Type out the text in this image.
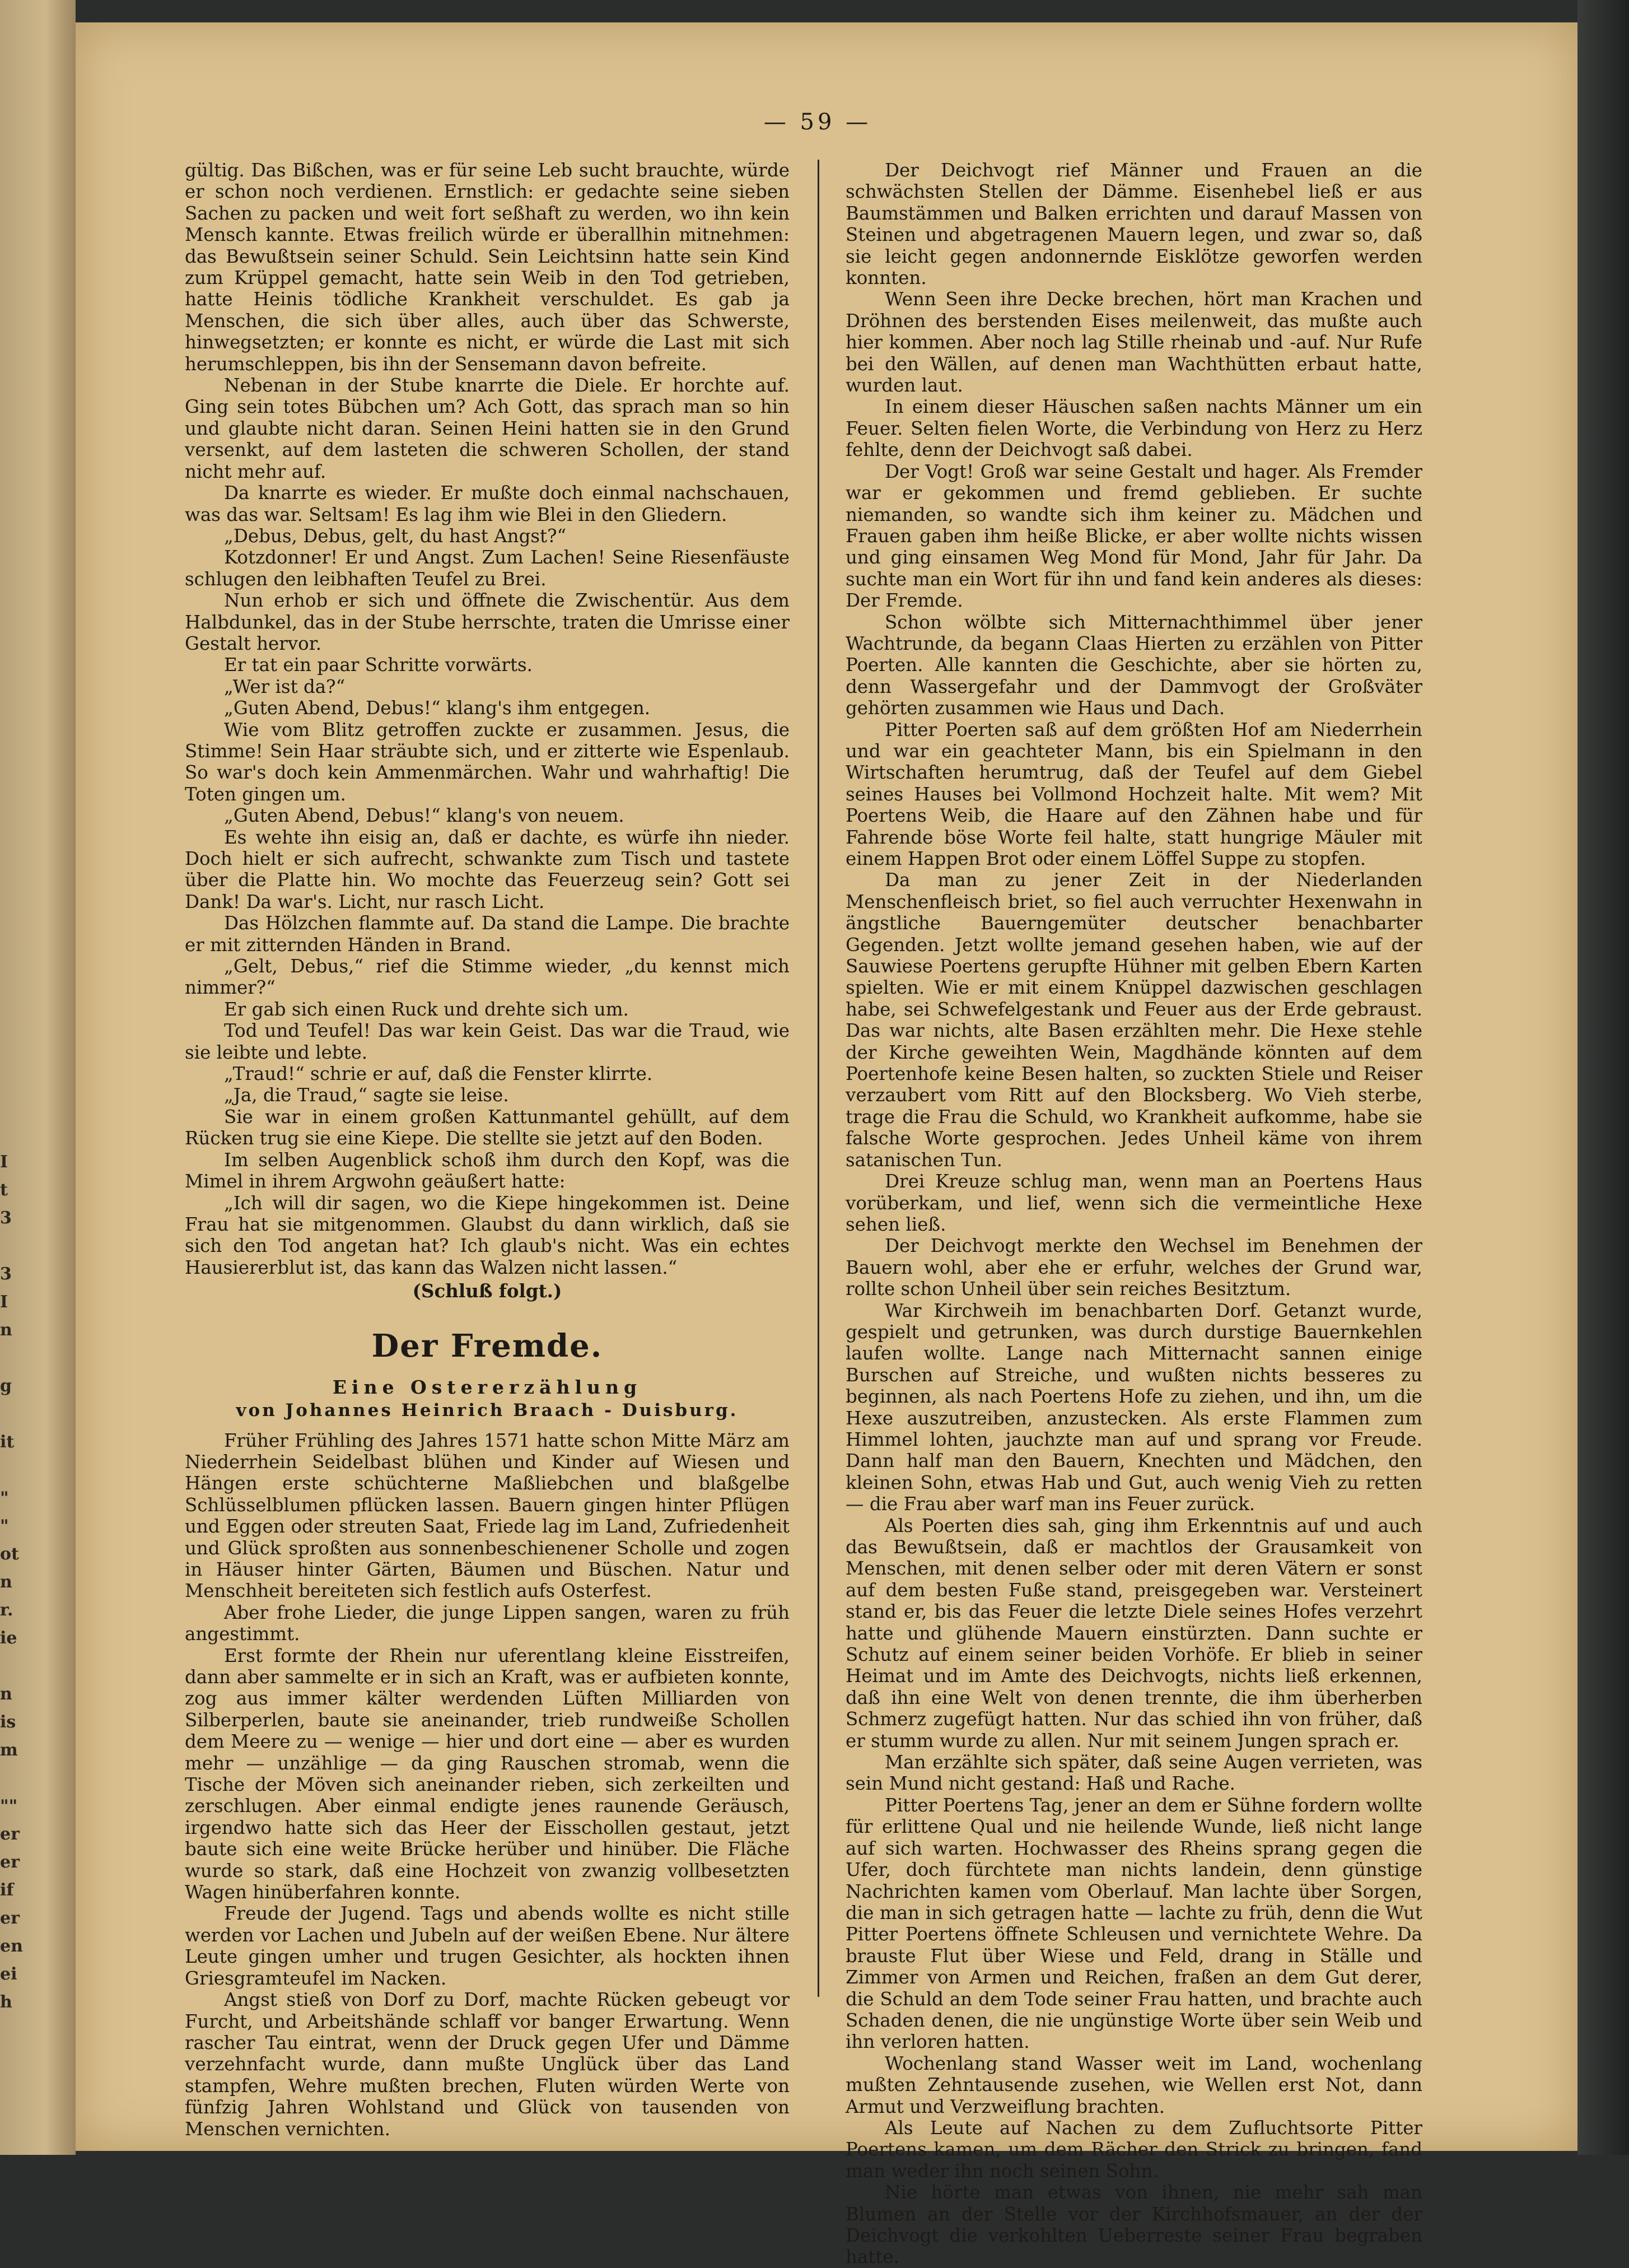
I
t
3

3
I
n

g

it

"
"
ot
n
r.
ie

n
is
m

""
er
er
if
er
en
ei
h
— 59 —

gültig. Das Bißchen, was er für seine Leb sucht brauchte, würde er schon noch verdienen. Ernstlich: er gedachte seine sieben Sachen zu packen und weit fort seßhaft zu werden, wo ihn kein Mensch kannte. Etwas freilich würde er überallhin mitnehmen: das Bewußtsein seiner Schuld. Sein Leichtsinn hatte sein Kind zum Krüppel gemacht, hatte sein Weib in den Tod getrieben, hatte Heinis tödliche Krankheit verschuldet. Es gab ja Menschen, die sich über alles, auch über das Schwerste, hinwegsetzten; er konnte es nicht, er würde die Last mit sich herumschleppen, bis ihn der Sensemann davon befreite.

Nebenan in der Stube knarrte die Diele. Er horchte auf. Ging sein totes Bübchen um? Ach Gott, das sprach man so hin und glaubte nicht daran. Seinen Heini hatten sie in den Grund versenkt, auf dem lasteten die schweren Schollen, der stand nicht mehr auf.

Da knarrte es wieder. Er mußte doch einmal nachschauen, was das war. Seltsam! Es lag ihm wie Blei in den Gliedern.

„Debus, Debus, gelt, du hast Angst?“

Kotzdonner! Er und Angst. Zum Lachen! Seine Riesenfäuste schlugen den leibhaften Teufel zu Brei.

Nun erhob er sich und öffnete die Zwischentür. Aus dem Halbdunkel, das in der Stube herrschte, traten die Umrisse einer Gestalt hervor.

Er tat ein paar Schritte vorwärts.

„Wer ist da?“

„Guten Abend, Debus!“ klang's ihm entgegen.

Wie vom Blitz getroffen zuckte er zusammen. Jesus, die Stimme! Sein Haar sträubte sich, und er zitterte wie Espenlaub. So war's doch kein Ammenmärchen. Wahr und wahrhaftig! Die Toten gingen um.

„Guten Abend, Debus!“ klang's von neuem.

Es wehte ihn eisig an, daß er dachte, es würfe ihn nieder. Doch hielt er sich aufrecht, schwankte zum Tisch und tastete über die Platte hin. Wo mochte das Feuerzeug sein? Gott sei Dank! Da war's. Licht, nur rasch Licht.

Das Hölzchen flammte auf. Da stand die Lampe. Die brachte er mit zitternden Händen in Brand.

„Gelt, Debus,“ rief die Stimme wieder, „du kennst mich nimmer?“

Er gab sich einen Ruck und drehte sich um.

Tod und Teufel! Das war kein Geist. Das war die Traud, wie sie leibte und lebte.

„Traud!“ schrie er auf, daß die Fenster klirrte.

„Ja, die Traud,“ sagte sie leise.

Sie war in einem großen Kattunmantel gehüllt, auf dem Rücken trug sie eine Kiepe. Die stellte sie jetzt auf den Boden.

Im selben Augenblick schoß ihm durch den Kopf, was die Mimel in ihrem Argwohn geäußert hatte:

„Ich will dir sagen, wo die Kiepe hingekommen ist. Deine Frau hat sie mitgenommen. Glaubst du dann wirklich, daß sie sich den Tod angetan hat? Ich glaub's nicht. Was ein echtes Hausiererblut ist, das kann das Walzen nicht lassen.“

(Schluß folgt.)

Der Fremde.

Eine Ostererzählung

von Johannes Heinrich Braach - Duisburg.

Früher Frühling des Jahres 1571 hatte schon Mitte März am Niederrhein Seidelbast blühen und Kinder auf Wiesen und Hängen erste schüchterne Maßliebchen und blaßgelbe Schlüsselblumen pflücken lassen. Bauern gingen hinter Pflügen und Eggen oder streuten Saat, Friede lag im Land, Zufriedenheit und Glück sproßten aus sonnenbeschienener Scholle und zogen in Häuser hinter Gärten, Bäumen und Büschen. Natur und Menschheit bereiteten sich festlich aufs Osterfest.

Aber frohe Lieder, die junge Lippen sangen, waren zu früh angestimmt.

Erst formte der Rhein nur uferentlang kleine Eisstreifen, dann aber sammelte er in sich an Kraft, was er aufbieten konnte, zog aus immer kälter werdenden Lüften Milliarden von Silberperlen, baute sie aneinander, trieb rundweiße Schollen dem Meere zu — wenige — hier und dort eine — aber es wurden mehr — unzählige — da ging Rauschen stromab, wenn die Tische der Möven sich aneinander rieben, sich zerkeilten und zerschlugen. Aber einmal endigte jenes raunende Geräusch, irgendwo hatte sich das Heer der Eisschollen gestaut, jetzt baute sich eine weite Brücke herüber und hinüber. Die Fläche wurde so stark, daß eine Hochzeit von zwanzig vollbesetzten Wagen hinüberfahren konnte.

Freude der Jugend. Tags und abends wollte es nicht stille werden vor Lachen und Jubeln auf der weißen Ebene. Nur ältere Leute gingen umher und trugen Gesichter, als hockten ihnen Griesgramteufel im Nacken.

Angst stieß von Dorf zu Dorf, machte Rücken gebeugt vor Furcht, und Arbeitshände schlaff vor banger Erwartung. Wenn rascher Tau eintrat, wenn der Druck gegen Ufer und Dämme verzehnfacht wurde, dann mußte Unglück über das Land stampfen, Wehre mußten brechen, Fluten würden Werte von fünfzig Jahren Wohlstand und Glück von tausenden von Menschen vernichten.

Der Deichvogt rief Männer und Frauen an die schwächsten Stellen der Dämme. Eisenhebel ließ er aus Baumstämmen und Balken errichten und darauf Massen von Steinen und abgetragenen Mauern legen, und zwar so, daß sie leicht gegen andonnernde Eisklötze geworfen werden konnten.

Wenn Seen ihre Decke brechen, hört man Krachen und Dröhnen des berstenden Eises meilenweit, das mußte auch hier kommen. Aber noch lag Stille rheinab und -auf. Nur Rufe bei den Wällen, auf denen man Wachthütten erbaut hatte, wurden laut.

In einem dieser Häuschen saßen nachts Männer um ein Feuer. Selten fielen Worte, die Verbindung von Herz zu Herz fehlte, denn der Deichvogt saß dabei.

Der Vogt! Groß war seine Gestalt und hager. Als Fremder war er gekommen und fremd geblieben. Er suchte niemanden, so wandte sich ihm keiner zu. Mädchen und Frauen gaben ihm heiße Blicke, er aber wollte nichts wissen und ging einsamen Weg Mond für Mond, Jahr für Jahr. Da suchte man ein Wort für ihn und fand kein anderes als dieses: Der Fremde.

Schon wölbte sich Mitternachthimmel über jener Wachtrunde, da begann Claas Hierten zu erzählen von Pitter Poerten. Alle kannten die Geschichte, aber sie hörten zu, denn Wassergefahr und der Dammvogt der Großväter gehörten zusammen wie Haus und Dach.

Pitter Poerten saß auf dem größten Hof am Niederrhein und war ein geachteter Mann, bis ein Spielmann in den Wirtschaften herumtrug, daß der Teufel auf dem Giebel seines Hauses bei Vollmond Hochzeit halte. Mit wem? Mit Poertens Weib, die Haare auf den Zähnen habe und für Fahrende böse Worte feil halte, statt hungrige Mäuler mit einem Happen Brot oder einem Löffel Suppe zu stopfen.

Da man zu jener Zeit in der Niederlanden Menschenfleisch briet, so fiel auch verruchter Hexenwahn in ängstliche Bauerngemüter deutscher benachbarter Gegenden. Jetzt wollte jemand gesehen haben, wie auf der Sauwiese Poertens gerupfte Hühner mit gelben Ebern Karten spielten. Wie er mit einem Knüppel dazwischen geschlagen habe, sei Schwefelgestank und Feuer aus der Erde gebraust. Das war nichts, alte Basen erzählten mehr. Die Hexe stehle der Kirche geweihten Wein, Magdhände könnten auf dem Poertenhofe keine Besen halten, so zuckten Stiele und Reiser verzaubert vom Ritt auf den Blocksberg. Wo Vieh sterbe, trage die Frau die Schuld, wo Krankheit aufkomme, habe sie falsche Worte gesprochen. Jedes Unheil käme von ihrem satanischen Tun.

Drei Kreuze schlug man, wenn man an Poertens Haus vorüberkam, und lief, wenn sich die vermeintliche Hexe sehen ließ.

Der Deichvogt merkte den Wechsel im Benehmen der Bauern wohl, aber ehe er erfuhr, welches der Grund war, rollte schon Unheil über sein reiches Besitztum.

War Kirchweih im benachbarten Dorf. Getanzt wurde, gespielt und getrunken, was durch durstige Bauernkehlen laufen wollte. Lange nach Mitternacht sannen einige Burschen auf Streiche, und wußten nichts besseres zu beginnen, als nach Poertens Hofe zu ziehen, und ihn, um die Hexe auszutreiben, anzustecken. Als erste Flammen zum Himmel lohten, jauchzte man auf und sprang vor Freude. Dann half man den Bauern, Knechten und Mädchen, den kleinen Sohn, etwas Hab und Gut, auch wenig Vieh zu retten — die Frau aber warf man ins Feuer zurück.

Als Poerten dies sah, ging ihm Erkenntnis auf und auch das Bewußtsein, daß er machtlos der Grausamkeit von Menschen, mit denen selber oder mit deren Vätern er sonst auf dem besten Fuße stand, preisgegeben war. Versteinert stand er, bis das Feuer die letzte Diele seines Hofes verzehrt hatte und glühende Mauern einstürzten. Dann suchte er Schutz auf einem seiner beiden Vorhöfe. Er blieb in seiner Heimat und im Amte des Deichvogts, nichts ließ erkennen, daß ihn eine Welt von denen trennte, die ihm überherben Schmerz zugefügt hatten. Nur das schied ihn von früher, daß er stumm wurde zu allen. Nur mit seinem Jungen sprach er.

Man erzählte sich später, daß seine Augen verrieten, was sein Mund nicht gestand: Haß und Rache.

Pitter Poertens Tag, jener an dem er Sühne fordern wollte für erlittene Qual und nie heilende Wunde, ließ nicht lange auf sich warten. Hochwasser des Rheins sprang gegen die Ufer, doch fürchtete man nichts landein, denn günstige Nachrichten kamen vom Oberlauf. Man lachte über Sorgen, die man in sich getragen hatte — lachte zu früh, denn die Wut Pitter Poertens öffnete Schleusen und vernichtete Wehre. Da brauste Flut über Wiese und Feld, drang in Ställe und Zimmer von Armen und Reichen, fraßen an dem Gut derer, die Schuld an dem Tode seiner Frau hatten, und brachte auch Schaden denen, die nie ungünstige Worte über sein Weib und ihn verloren hatten.

Wochenlang stand Wasser weit im Land, wochenlang mußten Zehntausende zusehen, wie Wellen erst Not, dann Armut und Verzweiflung brachten.

Als Leute auf Nachen zu dem Zufluchtsorte Pitter Poertens kamen, um dem Rächer den Strick zu bringen, fand man weder ihn noch seinen Sohn.

Nie hörte man etwas von ihnen, nie mehr sah man Blumen an der Stelle vor der Kirchhofsmauer, an der der Deichvogt die verkohlten Ueberreste seiner Frau begraben hatte.
